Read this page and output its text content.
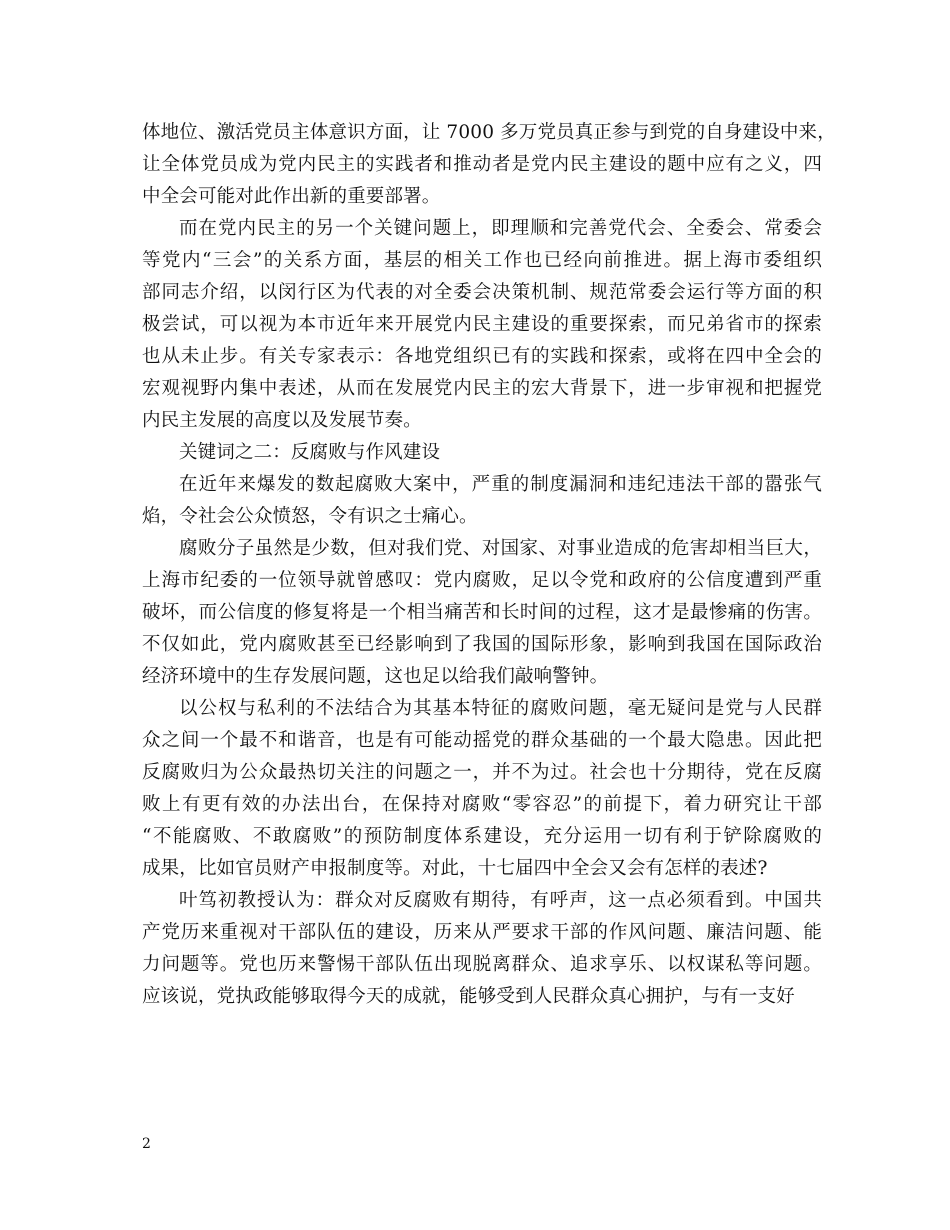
体地位、激活党员主体意识方面，让 7000 多万党员真正参与到党的自身建设中来，
让全体党员成为党内民主的实践者和推动者是党内民主建设的题中应有之义，四
中全会可能对此作出新的重要部署。
而在党内民主的另一个关键问题上，即理顺和完善党代会、全委会、常委会
等党内“三会”的关系方面，基层的相关工作也已经向前推进。据上海市委组织
部同志介绍，以闵行区为代表的对全委会决策机制、规范常委会运行等方面的积
极尝试，可以视为本市近年来开展党内民主建设的重要探索，而兄弟省市的探索
也从未止步。有关专家表示：各地党组织已有的实践和探索，或将在四中全会的
宏观视野内集中表述，从而在发展党内民主的宏大背景下，进一步审视和把握党
内民主发展的高度以及发展节奏。
关键词之二：反腐败与作风建设
在近年来爆发的数起腐败大案中，严重的制度漏洞和违纪违法干部的嚣张气
焰，令社会公众愤怒，令有识之士痛心。
腐败分子虽然是少数，但对我们党、对国家、对事业造成的危害却相当巨大，
上海市纪委的一位领导就曾感叹：党内腐败，足以令党和政府的公信度遭到严重
破坏，而公信度的修复将是一个相当痛苦和长时间的过程，这才是最惨痛的伤害。
不仅如此，党内腐败甚至已经影响到了我国的国际形象，影响到我国在国际政治
经济环境中的生存发展问题，这也足以给我们敲响警钟。
以公权与私利的不法结合为其基本特征的腐败问题，毫无疑问是党与人民群
众之间一个最不和谐音，也是有可能动摇党的群众基础的一个最大隐患。因此把
反腐败归为公众最热切关注的问题之一，并不为过。社会也十分期待，党在反腐
败上有更有效的办法出台，在保持对腐败“零容忍”的前提下，着力研究让干部
“不能腐败、不敢腐败”的预防制度体系建设，充分运用一切有利于铲除腐败的
成果，比如官员财产申报制度等。对此，十七届四中全会又会有怎样的表述?
叶笃初教授认为：群众对反腐败有期待，有呼声，这一点必须看到。中国共
产党历来重视对干部队伍的建设，历来从严要求干部的作风问题、廉洁问题、能
力问题等。党也历来警惕干部队伍出现脱离群众、追求享乐、以权谋私等问题。
应该说，党执政能够取得今天的成就，能够受到人民群众真心拥护，与有一支好
2
